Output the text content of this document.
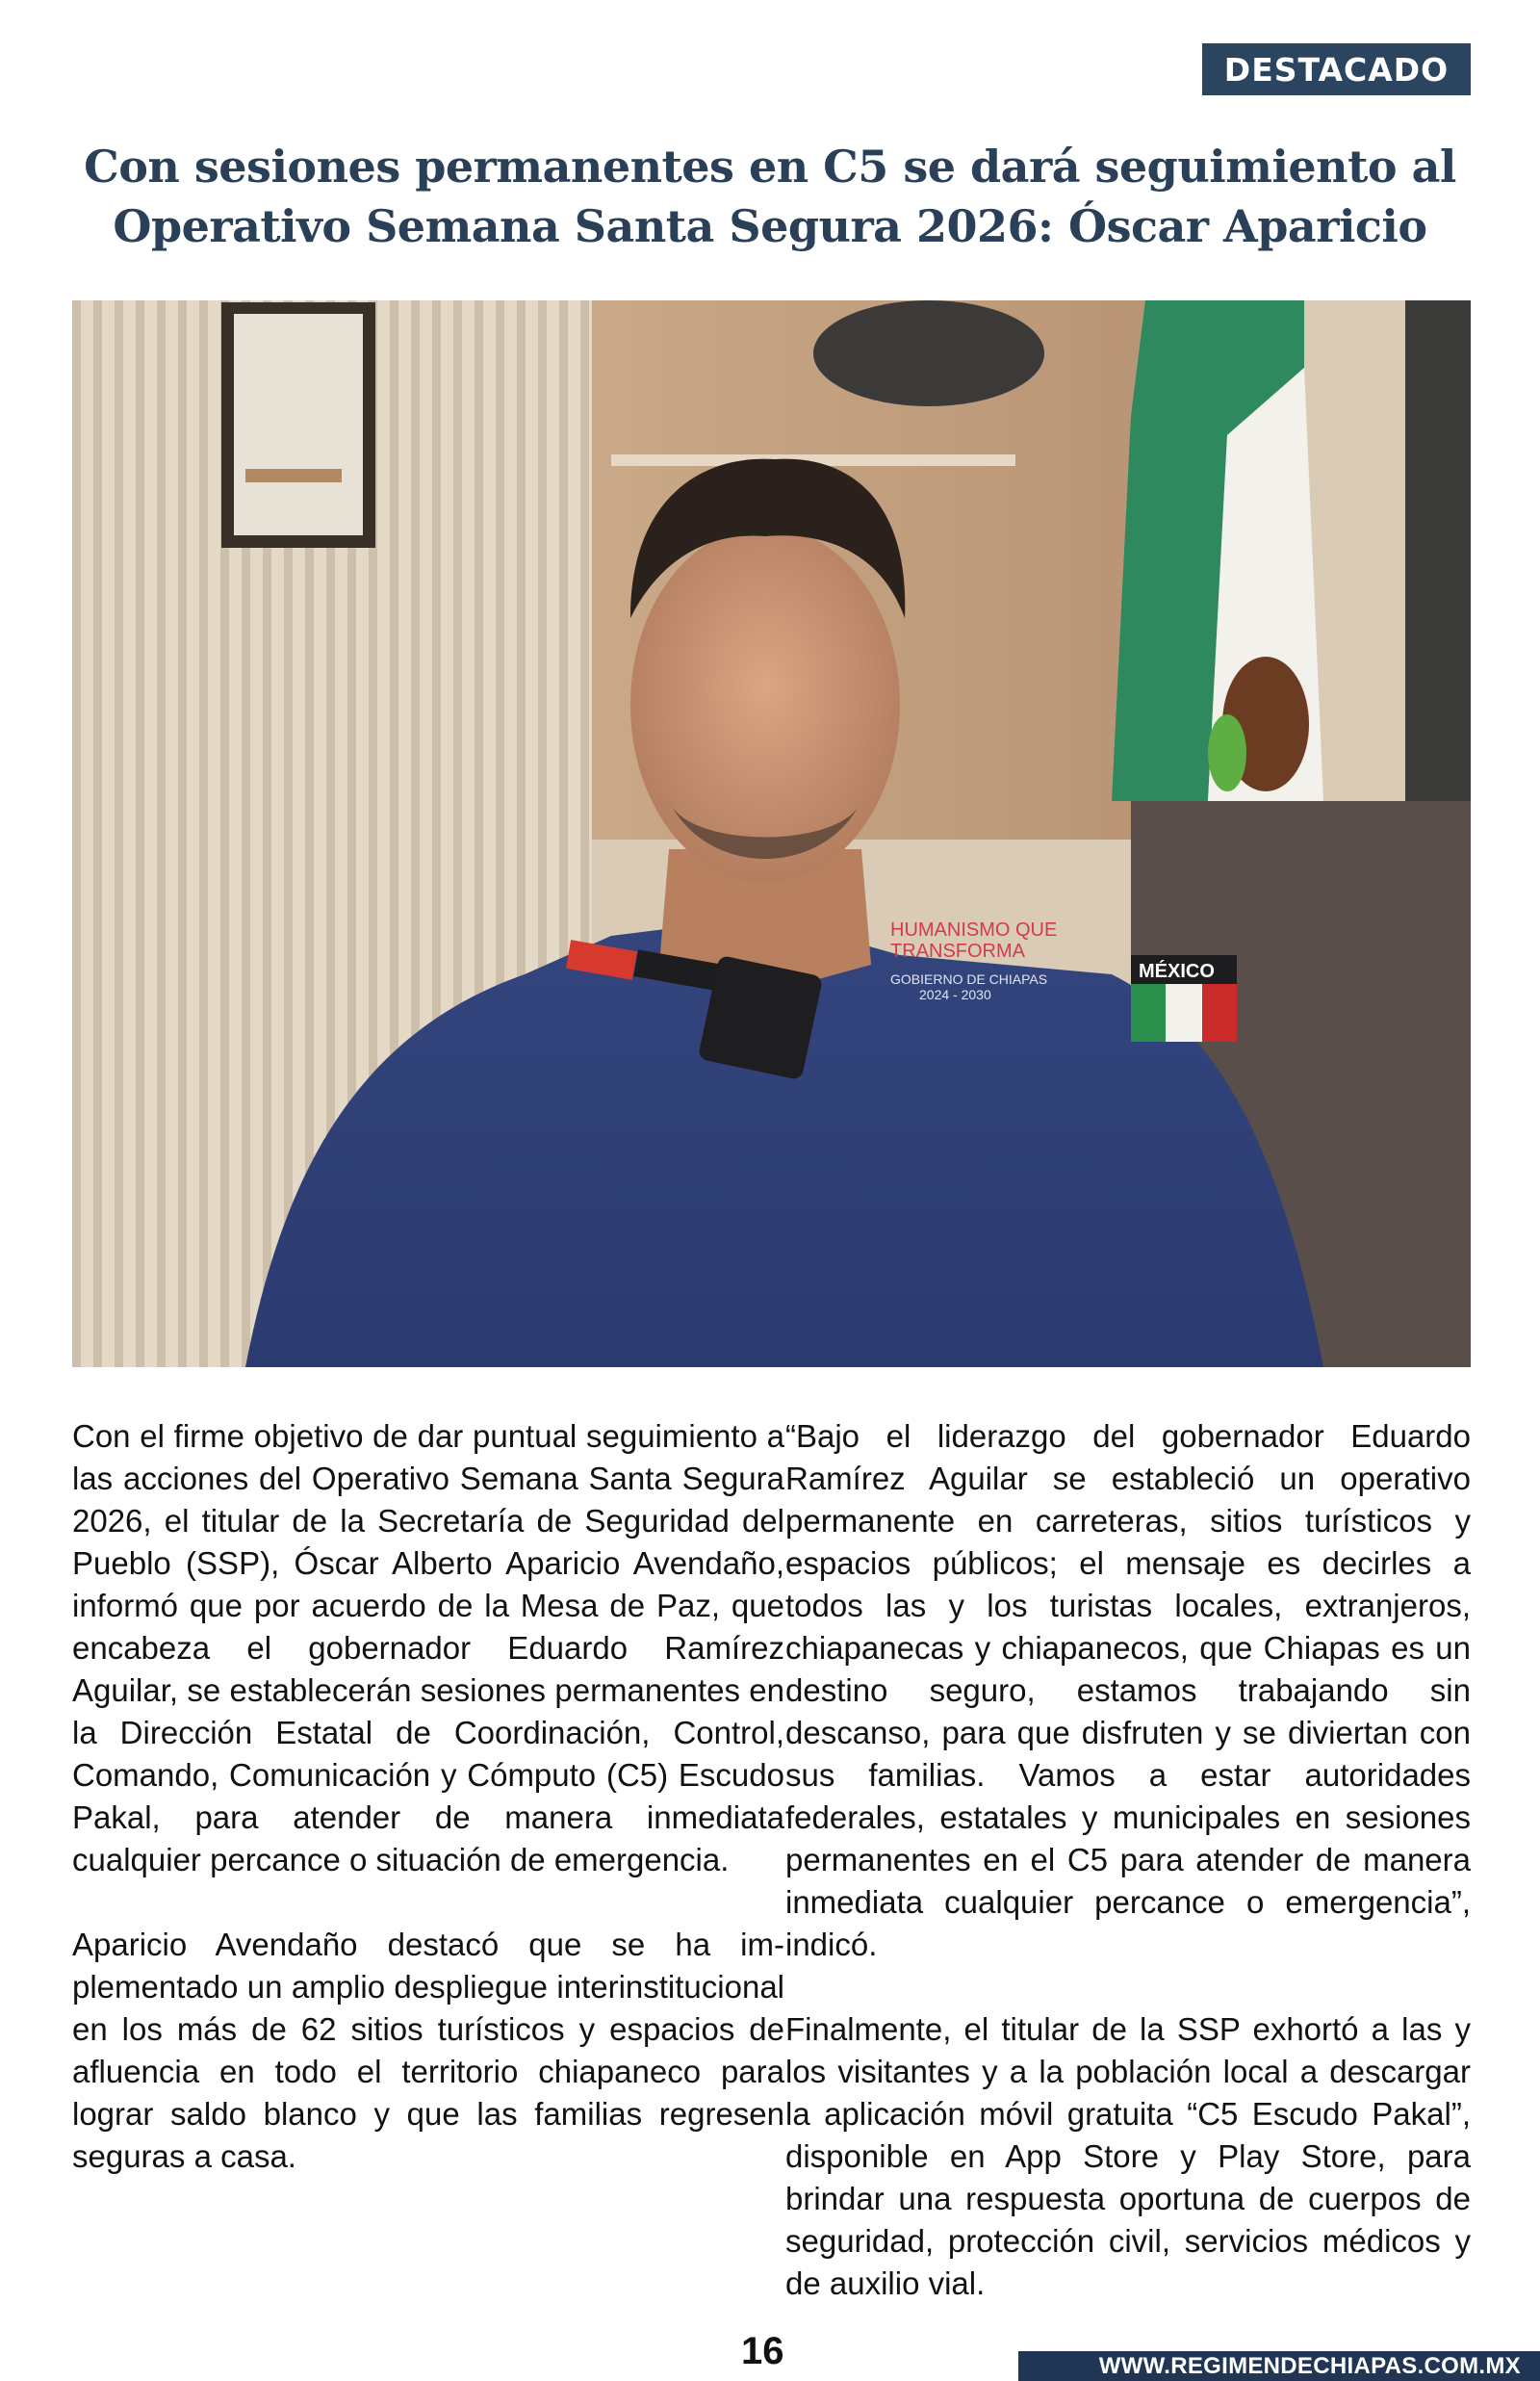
DESTACADO
Con sesiones permanentes en C5 se dará seguimiento al
Operativo Semana Santa Segura 2026: Óscar Aparicio
HUMANISMO QUE
TRANSFORMA
GOBIERNO DE CHIAPAS
2024 - 2030
MÉXICO

Con el firme objetivo de dar puntual seguimiento a las acciones del Operativo Semana Santa Segura 2026, el titular de la Secretaría de Seguridad del Pueblo (SSP), Óscar Alberto Aparicio Avendaño, informó que por acuerdo de la Mesa de Paz, que encabeza el gobernador Eduardo Ramírez Aguilar, se establecerán sesiones permanentes en la Dirección Estatal de Coordinación, Control, Comando, Comunicación y Cómputo (C5) Escudo Pakal, para atender de manera inmediata cualquier percance o situación de emergencia.

Aparicio Avendaño destacó que se ha implementado un amplio despliegue interinstitucional en los más de 62 sitios turísticos y espacios de afluencia en todo el territorio chiapaneco para lograr saldo blanco y que las familias regresen seguras a casa.

“Bajo el liderazgo del gobernador Eduardo Ramírez Aguilar se estableció un operativo permanente en carreteras, sitios turísticos y espacios públicos; el mensaje es decirles a todos las y los turistas locales, extranjeros, chiapanecas y chiapanecos, que Chiapas es un destino seguro, estamos trabajando sin descanso, para que disfruten y se diviertan con sus familias. Vamos a estar autoridades federales, estatales y municipales en sesiones permanentes en el C5 para atender de manera inmediata cualquier percance o emergencia”, indicó.

Finalmente, el titular de la SSP exhortó a las y los visitantes y a la población local a descargar la aplicación móvil gratuita “C5 Escudo Pakal”, disponible en App Store y Play Store, para brindar una respuesta oportuna de cuerpos de seguridad, protección civil, servicios médicos y de auxilio vial.

16	WWW.REGIMENDECHIAPAS.COM.MX
